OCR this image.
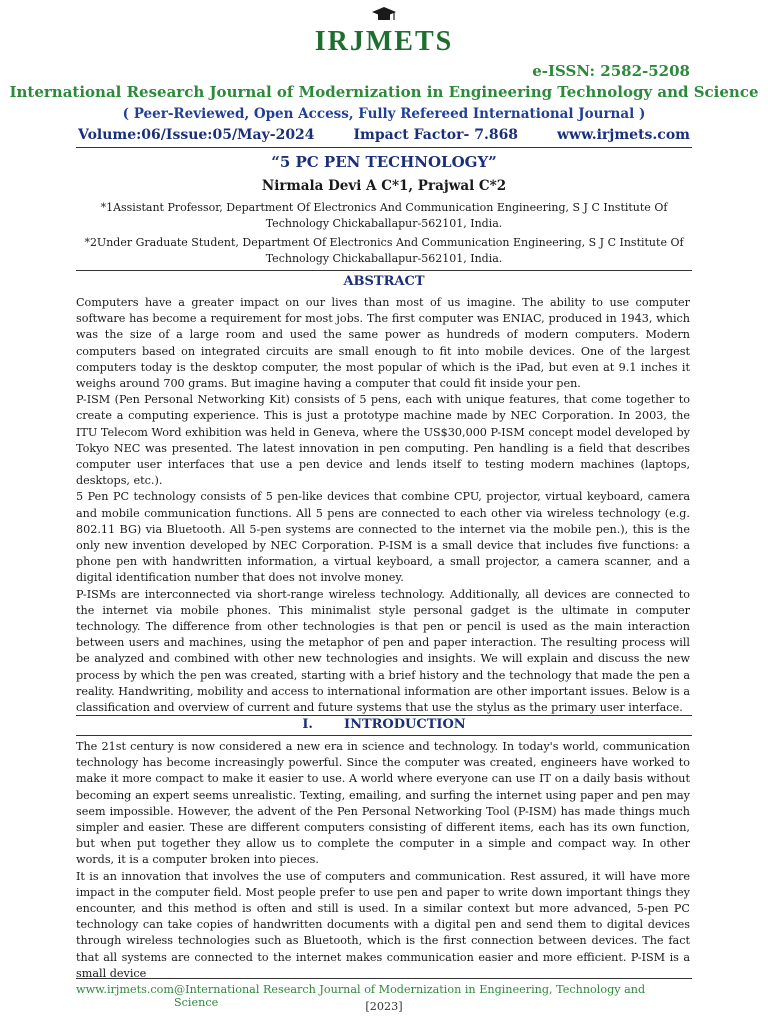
IRJMETS
e-ISSN: 2582-5208
International Research Journal of Modernization in Engineering Technology and Science
( Peer-Reviewed, Open Access, Fully Refereed International Journal )
Volume:06/Issue:05/May-2024	Impact Factor- 7.868	www.irjmets.com
“5 PC PEN TECHNOLOGY”
Nirmala Devi A C*1, Prajwal C*2
*1Assistant Professor, Department Of Electronics And Communication Engineering, S J C Institute Of Technology Chickaballapur-562101, India.
*2Under Graduate Student, Department Of Electronics And Communication Engineering, S J C Institute Of Technology Chickaballapur-562101, India.
ABSTRACT

Computers have a greater impact on our lives than most of us imagine. The ability to use computer software has become a requirement for most jobs. The first computer was ENIAC, produced in 1943, which was the size of a large room and used the same power as hundreds of modern computers. Modern computers based on integrated circuits are small enough to fit into mobile devices. One of the largest computers today is the desktop computer, the most popular of which is the iPad, but even at 9.1 inches it weighs around 700 grams. But imagine having a computer that could fit inside your pen.

P-ISM (Pen Personal Networking Kit) consists of 5 pens, each with unique features, that come together to create a computing experience. This is just a prototype machine made by NEC Corporation. In 2003, the ITU Telecom Word exhibition was held in Geneva, where the US$30,000 P-ISM concept model developed by Tokyo NEC was presented. The latest innovation in pen computing. Pen handling is a field that describes computer user interfaces that use a pen device and lends itself to testing modern machines (laptops, desktops, etc.).

5 Pen PC technology consists of 5 pen-like devices that combine CPU, projector, virtual keyboard, camera and mobile communication functions. All 5 pens are connected to each other via wireless technology (e.g. 802.11 BG) via Bluetooth. All 5-pen systems are connected to the internet via the mobile pen.), this is the only new invention developed by NEC Corporation. P-ISM is a small device that includes five functions: a phone pen with handwritten information, a virtual keyboard, a small projector, a camera scanner, and a digital identification number that does not involve money.

P-ISMs are interconnected via short-range wireless technology. Additionally, all devices are connected to the internet via mobile phones. This minimalist style personal gadget is the ultimate in computer technology. The difference from other technologies is that pen or pencil is used as the main interaction between users and machines, using the metaphor of pen and paper interaction. The resulting process will be analyzed and combined with other new technologies and insights. We will explain and discuss the new process by which the pen was created, starting with a brief history and the technology that made the pen a reality. Handwriting, mobility and access to international information are other important issues. Below is a classification and overview of current and future systems that use the stylus as the primary user interface.

I. INTRODUCTION

The 21st century is now considered a new era in science and technology. In today's world, communication technology has become increasingly powerful. Since the computer was created, engineers have worked to make it more compact to make it easier to use. A world where everyone can use IT on a daily basis without becoming an expert seems unrealistic. Texting, emailing, and surfing the internet using paper and pen may seem impossible. However, the advent of the Pen Personal Networking Tool (P-ISM) has made things much simpler and easier. These are different computers consisting of different items, each has its own function, but when put together they allow us to complete the computer in a simple and compact way. In other words, it is a computer broken into pieces.

It is an innovation that involves the use of computers and communication. Rest assured, it will have more impact in the computer field. Most people prefer to use pen and paper to write down important things they encounter, and this method is often and still is used. In a similar context but more advanced, 5-pen PC technology can take copies of handwritten documents with a digital pen and send them to digital devices through wireless technologies such as Bluetooth, which is the first connection between devices. The fact that all systems are connected to the internet makes communication easier and more efficient. P-ISM is a small device

www.irjmets.com @International Research Journal of Modernization in Engineering, Technology and Science	[2023]
